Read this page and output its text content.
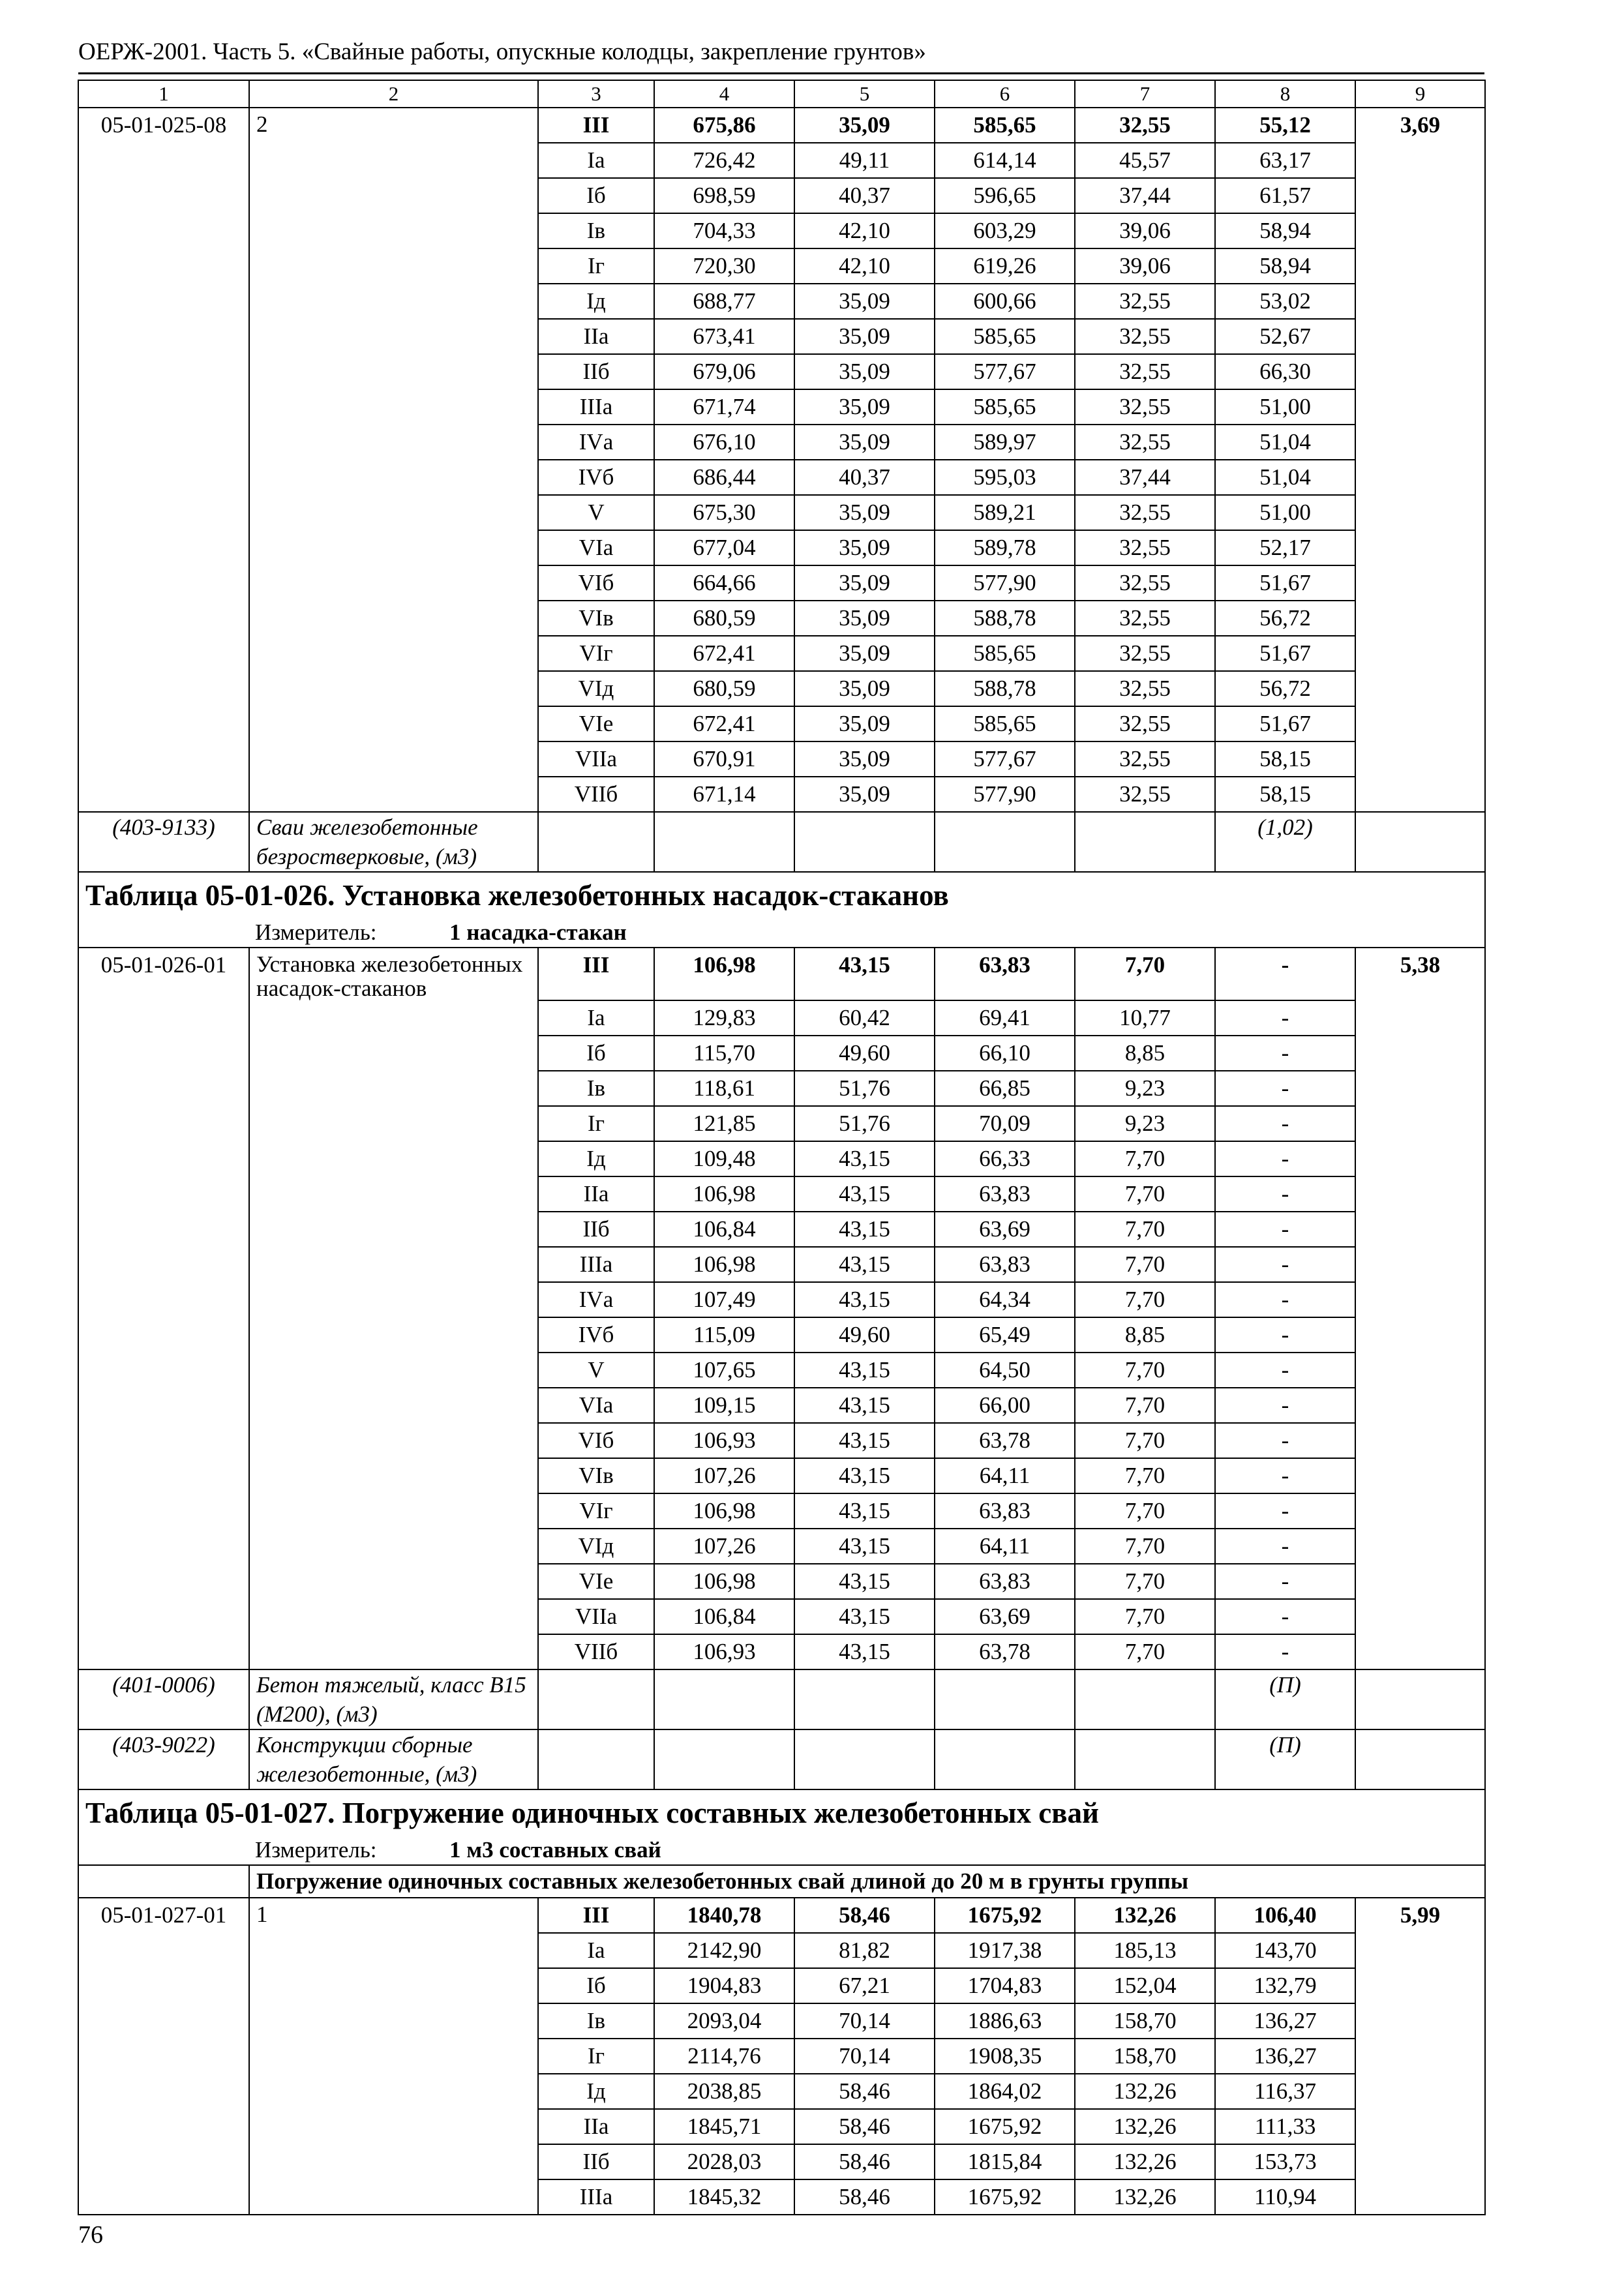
ОЕРЖ-2001. Часть 5. «Свайные работы, опускные колодцы, закрепление грунтов»
1	2	3	4	5	6	7	8	9
05-01-025-08	2	III	675,86	35,09	585,65	32,55	55,12	3,69
		Iа	726,42	49,11	614,14	45,57	63,17	
		Iб	698,59	40,37	596,65	37,44	61,57	
		Iв	704,33	42,10	603,29	39,06	58,94	
		Iг	720,30	42,10	619,26	39,06	58,94	
		Iд	688,77	35,09	600,66	32,55	53,02	
		IIа	673,41	35,09	585,65	32,55	52,67	
		IIб	679,06	35,09	577,67	32,55	66,30	
		IIIа	671,74	35,09	585,65	32,55	51,00	
		IVа	676,10	35,09	589,97	32,55	51,04	
		IVб	686,44	40,37	595,03	37,44	51,04	
		V	675,30	35,09	589,21	32,55	51,00	
		VIа	677,04	35,09	589,78	32,55	52,17	
		VIб	664,66	35,09	577,90	32,55	51,67	
		VIв	680,59	35,09	588,78	32,55	56,72	
		VIг	672,41	35,09	585,65	32,55	51,67	
		VIд	680,59	35,09	588,78	32,55	56,72	
		VIе	672,41	35,09	585,65	32,55	51,67	
		VIIа	670,91	35,09	577,67	32,55	58,15	
		VIIб	671,14	35,09	577,90	32,55	58,15	
(403-9133)	Сваи железобетонные безростверковые, (м3)						(1,02)	
Таблица 05-01-026. Установка железобетонных насадок-стаканов								
Измеритель: 1 насадка-стакан								
05-01-026-01	Установка железобетонных насадок-стаканов	III	106,98	43,15	63,83	7,70	-	5,38
		Iа	129,83	60,42	69,41	10,77	-	
		Iб	115,70	49,60	66,10	8,85	-	
		Iв	118,61	51,76	66,85	9,23	-	
		Iг	121,85	51,76	70,09	9,23	-	
		Iд	109,48	43,15	66,33	7,70	-	
		IIа	106,98	43,15	63,83	7,70	-	
		IIб	106,84	43,15	63,69	7,70	-	
		IIIа	106,98	43,15	63,83	7,70	-	
		IVа	107,49	43,15	64,34	7,70	-	
		IVб	115,09	49,60	65,49	8,85	-	
		V	107,65	43,15	64,50	7,70	-	
		VIа	109,15	43,15	66,00	7,70	-	
		VIб	106,93	43,15	63,78	7,70	-	
		VIв	107,26	43,15	64,11	7,70	-	
		VIг	106,98	43,15	63,83	7,70	-	
		VIд	107,26	43,15	64,11	7,70	-	
		VIе	106,98	43,15	63,83	7,70	-	
		VIIа	106,84	43,15	63,69	7,70	-	
		VIIб	106,93	43,15	63,78	7,70	-	
(401-0006)	Бетон тяжелый, класс В15 (М200), (м3)						(П)	
(403-9022)	Конструкции сборные железобетонные, (м3)						(П)	
Таблица 05-01-027. Погружение одиночных составных железобетонных свай								
Измеритель: 1 м3 составных свай								
	Погружение одиночных составных железобетонных свай длиной до 20 м в грунты группы							
05-01-027-01	1	III	1840,78	58,46	1675,92	132,26	106,40	5,99
		Iа	2142,90	81,82	1917,38	185,13	143,70	
		Iб	1904,83	67,21	1704,83	152,04	132,79	
		Iв	2093,04	70,14	1886,63	158,70	136,27	
		Iг	2114,76	70,14	1908,35	158,70	136,27	
		Iд	2038,85	58,46	1864,02	132,26	116,37	
		IIа	1845,71	58,46	1675,92	132,26	111,33	
		IIб	2028,03	58,46	1815,84	132,26	153,73	
		IIIа	1845,32	58,46	1675,92	132,26	110,94	
76
